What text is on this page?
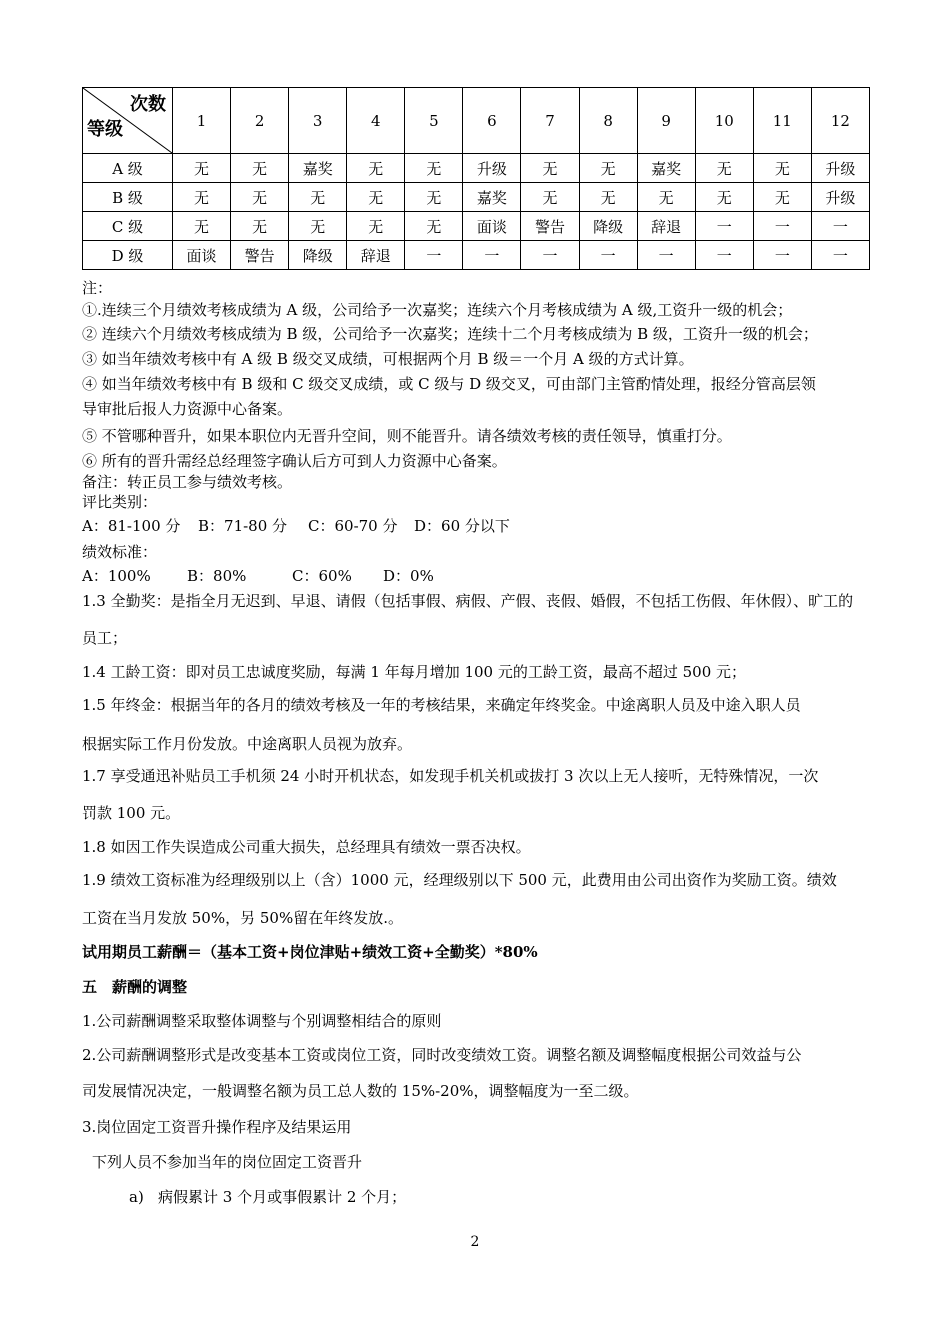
次数
等级	1	2	3	4	5	6	7	8	9	10	11	12
A 级	无	无	嘉奖	无	无	升级	无	无	嘉奖	无	无	升级
B 级	无	无	无	无	无	嘉奖	无	无	无	无	无	升级
C 级	无	无	无	无	无	面谈	警告	降级	辞退	一	一	一
D 级	面谈	警告	降级	辞退	一	一	一	一	一	一	一	一
注：
①.连续三个月绩效考核成绩为 A 级，公司给予一次嘉奖；连续六个月考核成绩为 A 级,工资升一级的机会；
② 连续六个月绩效考核成绩为 B 级，公司给予一次嘉奖；连续十二个月考核成绩为 B 级，工资升一级的机会；
③ 如当年绩效考核中有 A 级 B 级交叉成绩，可根据两个月 B 级＝一个月 A 级的方式计算。
④ 如当年绩效考核中有 B 级和 C 级交叉成绩，或 C 级与 D 级交叉，可由部门主管酌情处理，报经分管高层领
导审批后报人力资源中心备案。
⑤ 不管哪种晋升，如果本职位内无晋升空间，则不能晋升。请各绩效考核的责任领导，慎重打分。
⑥ 所有的晋升需经总经理签字确认后方可到人力资源中心备案。
备注：转正员工参与绩效考核。
评比类别：
A：81-100 分 B：71-80 分 C：60-70 分 D：60 分以下
绩效标准：
A：100% B：80%	C：60% D：0%
1.3 全勤奖：是指全月无迟到、早退、请假（包括事假、病假、产假、丧假、婚假，不包括工伤假、年休假）、旷工的
员工；
1.4 工龄工资：即对员工忠诚度奖励，每满 1 年每月增加 100 元的工龄工资，最高不超过 500 元；
1.5 年终金：根据当年的各月的绩效考核及一年的考核结果，来确定年终奖金。中途离职人员及中途入职人员
根据实际工作月份发放。中途离职人员视为放弃。
1.7 享受通迅补贴员工手机须 24 小时开机状态，如发现手机关机或拔打 3 次以上无人接听，无特殊情况，一次
罚款 100 元。
1.8 如因工作失误造成公司重大损失，总经理具有绩效一票否决权。
1.9 绩效工资标准为经理级别以上（含）1000 元，经理级别以下 500 元，此费用由公司出资作为奖励工资。绩效
工资在当月发放 50%，另 50%留在年终发放.。
试用期员工薪酬＝（基本工资+岗位津贴+绩效工资+全勤奖）*80%
五　薪酬的调整
1.公司薪酬调整采取整体调整与个别调整相结合的原则
2.公司薪酬调整形式是改变基本工资或岗位工资，同时改变绩效工资。调整名额及调整幅度根据公司效益与公
司发展情况决定，一般调整名额为员工总人数的 15%-20%，调整幅度为一至二级。
3.岗位固定工资晋升操作程序及结果运用
下列人员不参加当年的岗位固定工资晋升
a) 病假累计 3 个月或事假累计 2 个月；
2
